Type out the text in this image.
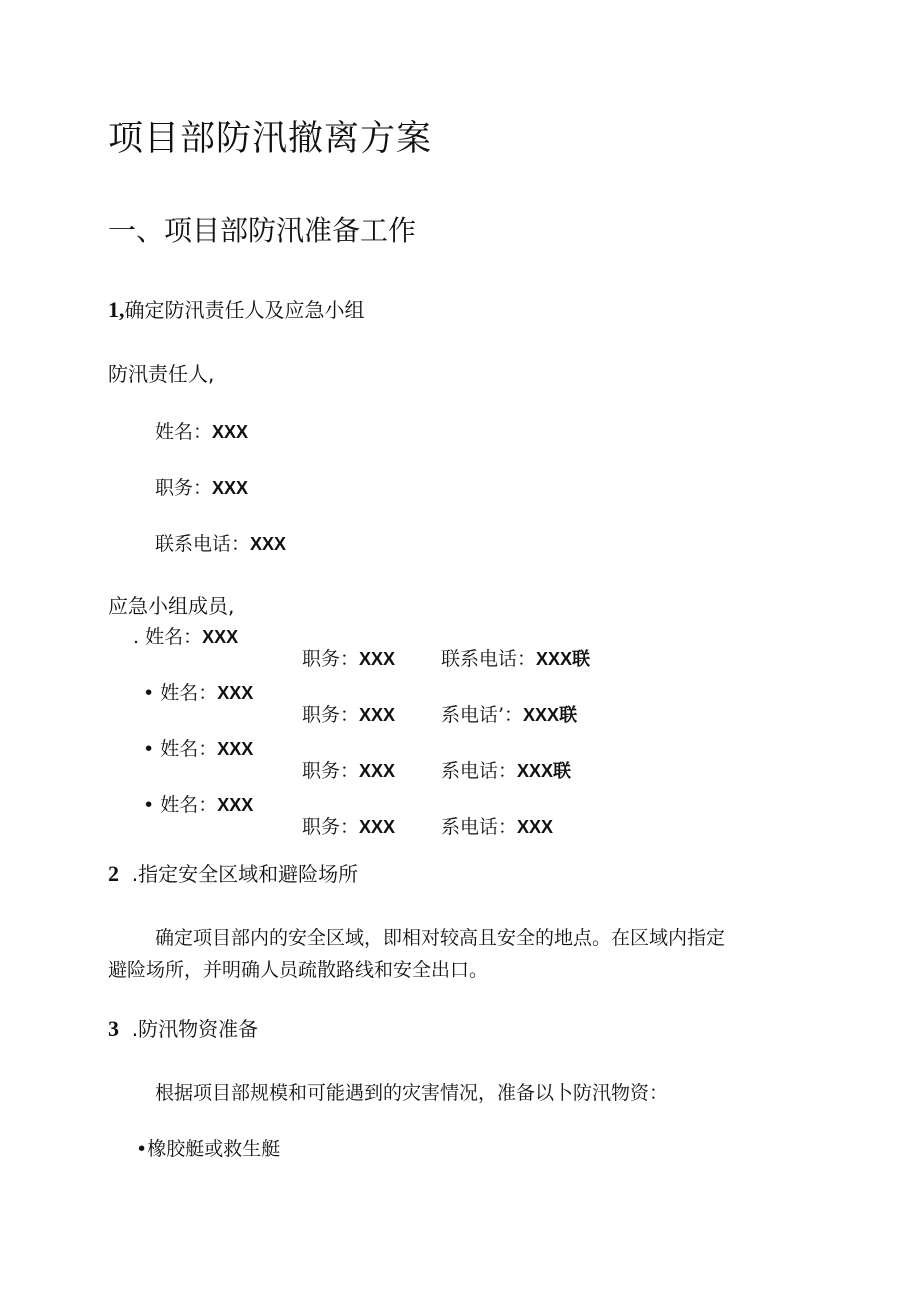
项目部防汛撤离方案
一、项目部防汛准备工作
1,确定防汛责任人及应急小组
防汛责任人,
姓名：XXX
职务：XXX
联系电话：XXX
应急小组成员,
. 姓名：XXX
职务：XXX 联系电话：XXX联
• 姓名：XXX
职务：XXX 系电话’：XXX联
• 姓名：XXX
职务：XXX 系电话：XXX联
• 姓名：XXX
职务：XXX 系电话：XXX
2 .指定安全区域和避险场所
确定项目部内的安全区域，即相对较高且安全的地点。在区域内指定
避险场所，并明确人员疏散路线和安全出口。
3 .防汛物资准备
根据项目部规模和可能遇到的灾害情况，准备以卜防汛物资：
•橡胶艇或救生艇
